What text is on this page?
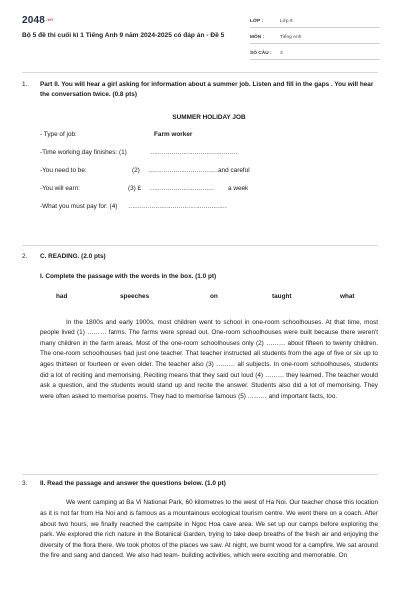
2048.vn
Bộ 5 đề thi cuối kì 1 Tiếng Anh 9 năm 2024-2025 có đáp án - Đề 5
LỚP :	Lớp 9
MÔN :	Tiếng Anh
SỐ CÂU :	3
1.	Part II. You will hear a girl asking for information about a summer job. Listen and fill in the gaps . You will hear the conversation twice. (0.8 pts)
SUMMER HOLIDAY JOB
- Type of job:	Farm worker
-Time working day finishes: (1)	………………………………………
-You need to be:	(2) ……………………………… and careful
-You will earn:	(3) £ …………………………… a week
-What you must pay for: (4) ……………………………………………
2.	C. READING. (2.0 pts)
I. Complete the passage with the words in the box. (1.0 pt)
had	speeches	on	taught	what
In the 1800s and early 1900s, most children went to school in one-room schoolhouses. At that time, most people lived (1) ……… farms. The farms were spread out. One-room schoolhouses were built because there weren't many children in the farm areas. Most of the one-room schoolhouses only (2) ……… about fifteen to twenty children. The one-room schoolhouses had just one teacher. That teacher instructed all students from the age of five or six up to ages thirteen or fourteen or even older. The teacher also (3) ……… all subjects. In one-room schoolhouses, students did a lot of reciting and memorising. Reciting means that they said out loud (4) ……… they learned. The teacher would ask a question, and the students would stand up and recite the answer. Students also did a lot of memorising. They were often asked to memorise poems. They had to memorise famous (5) ……… and important facts, too.
3.	II. Read the passage and answer the questions below. (1.0 pt)
We went camping at Ba Vi National Park, 60 kilometres to the west of Ha Noi. Our teacher chose this location as it is not far from Ha Noi and is famous as a mountainous ecological tourism centre. We went there on a coach. After about two hours, we finally reached the campsite in Ngoc Hoa cave area. We set up our camps before exploring the park. We explored the rich nature in the Botanical Garden, trying to take deep breaths of the fresh air and enjoying the diversity of the flora there. We took photos of the places we saw. At night, we burnt wood for a campfire. We sat around the fire and sang and danced. We also had team- building activities, which were exciting and memorable. On
